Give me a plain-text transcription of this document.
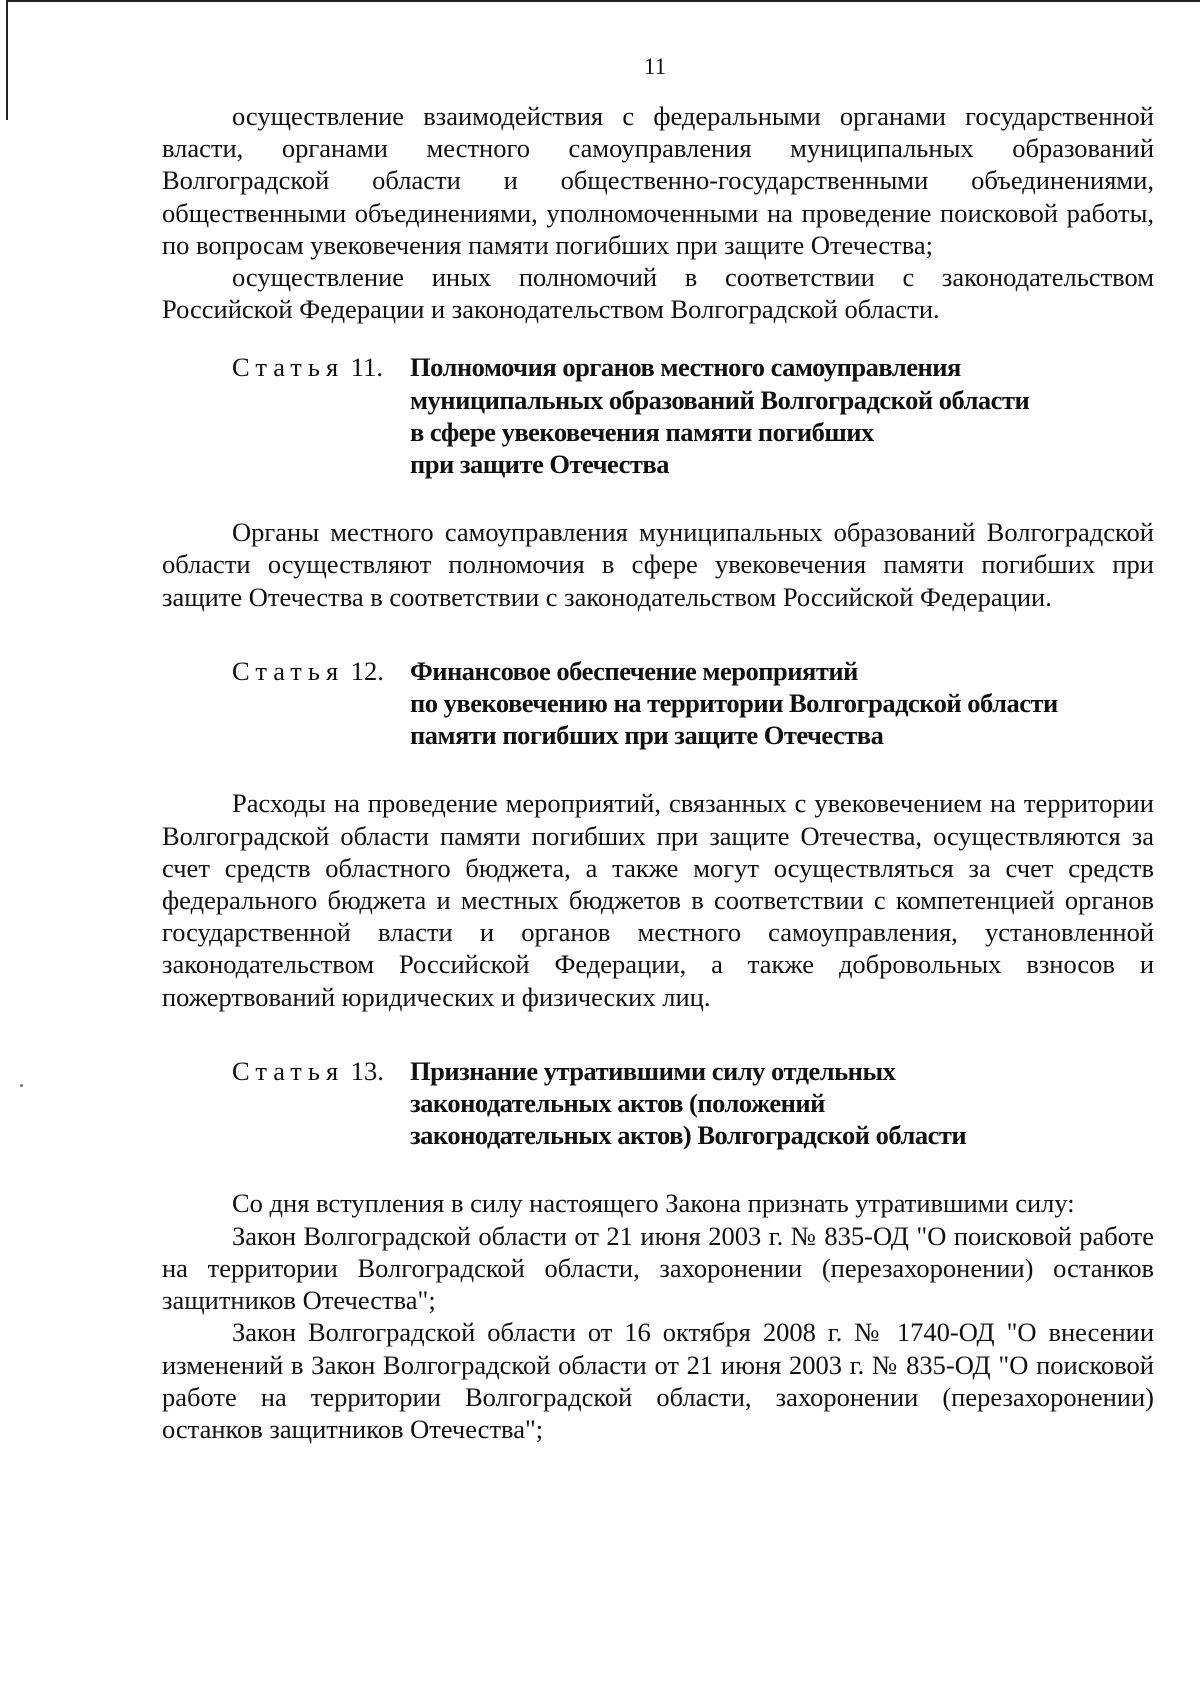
11

осуществление взаимодействия с федеральными органами государственной власти, органами местного самоуправления муниципальных образований Волгоградской области и общественно-государственными объединениями, общественными объединениями, уполномоченными на проведение поисковой работы, по вопросам увековечения памяти погибших при защите Отечества;

осуществление иных полномочий в соответствии с законодательством Российской Федерации и законодательством Волгоградской области.

Статья 11. Полномочия органов местного самоуправления
муниципальных образований Волгоградской области
в сфере увековечения памяти погибших
при защите Отечества

Органы местного самоуправления муниципальных образований Волгоградской области осуществляют полномочия в сфере увековечения памяти погибших при защите Отечества в соответствии с законодательством Российской Федерации.

Статья 12. Финансовое обеспечение мероприятий
по увековечению на территории Волгоградской области
памяти погибших при защите Отечества

Расходы на проведение мероприятий, связанных с увековечением на территории Волгоградской области памяти погибших при защите Отечества, осуществляются за счет средств областного бюджета, а также могут осуществляться за счет средств федерального бюджета и местных бюджетов в соответствии с компетенцией органов государственной власти и органов местного самоуправления, установленной законодательством Российской Федерации, а также добровольных взносов и пожертвований юридических и физических лиц.

Статья 13. Признание утратившими силу отдельных
законодательных актов (положений
законодательных актов) Волгоградской области

Со дня вступления в силу настоящего Закона признать утратившими силу:

Закон Волгоградской области от 21 июня 2003 г. № 835-ОД "О поисковой работе на территории Волгоградской области, захоронении (перезахоронении) останков защитников Отечества";

Закон Волгоградской области от 16 октября 2008 г. № 1740-ОД "О внесении изменений в Закон Волгоградской области от 21 июня 2003 г. № 835-ОД "О поисковой работе на территории Волгоградской области, захоронении (перезахоронении) останков защитников Отечества";
